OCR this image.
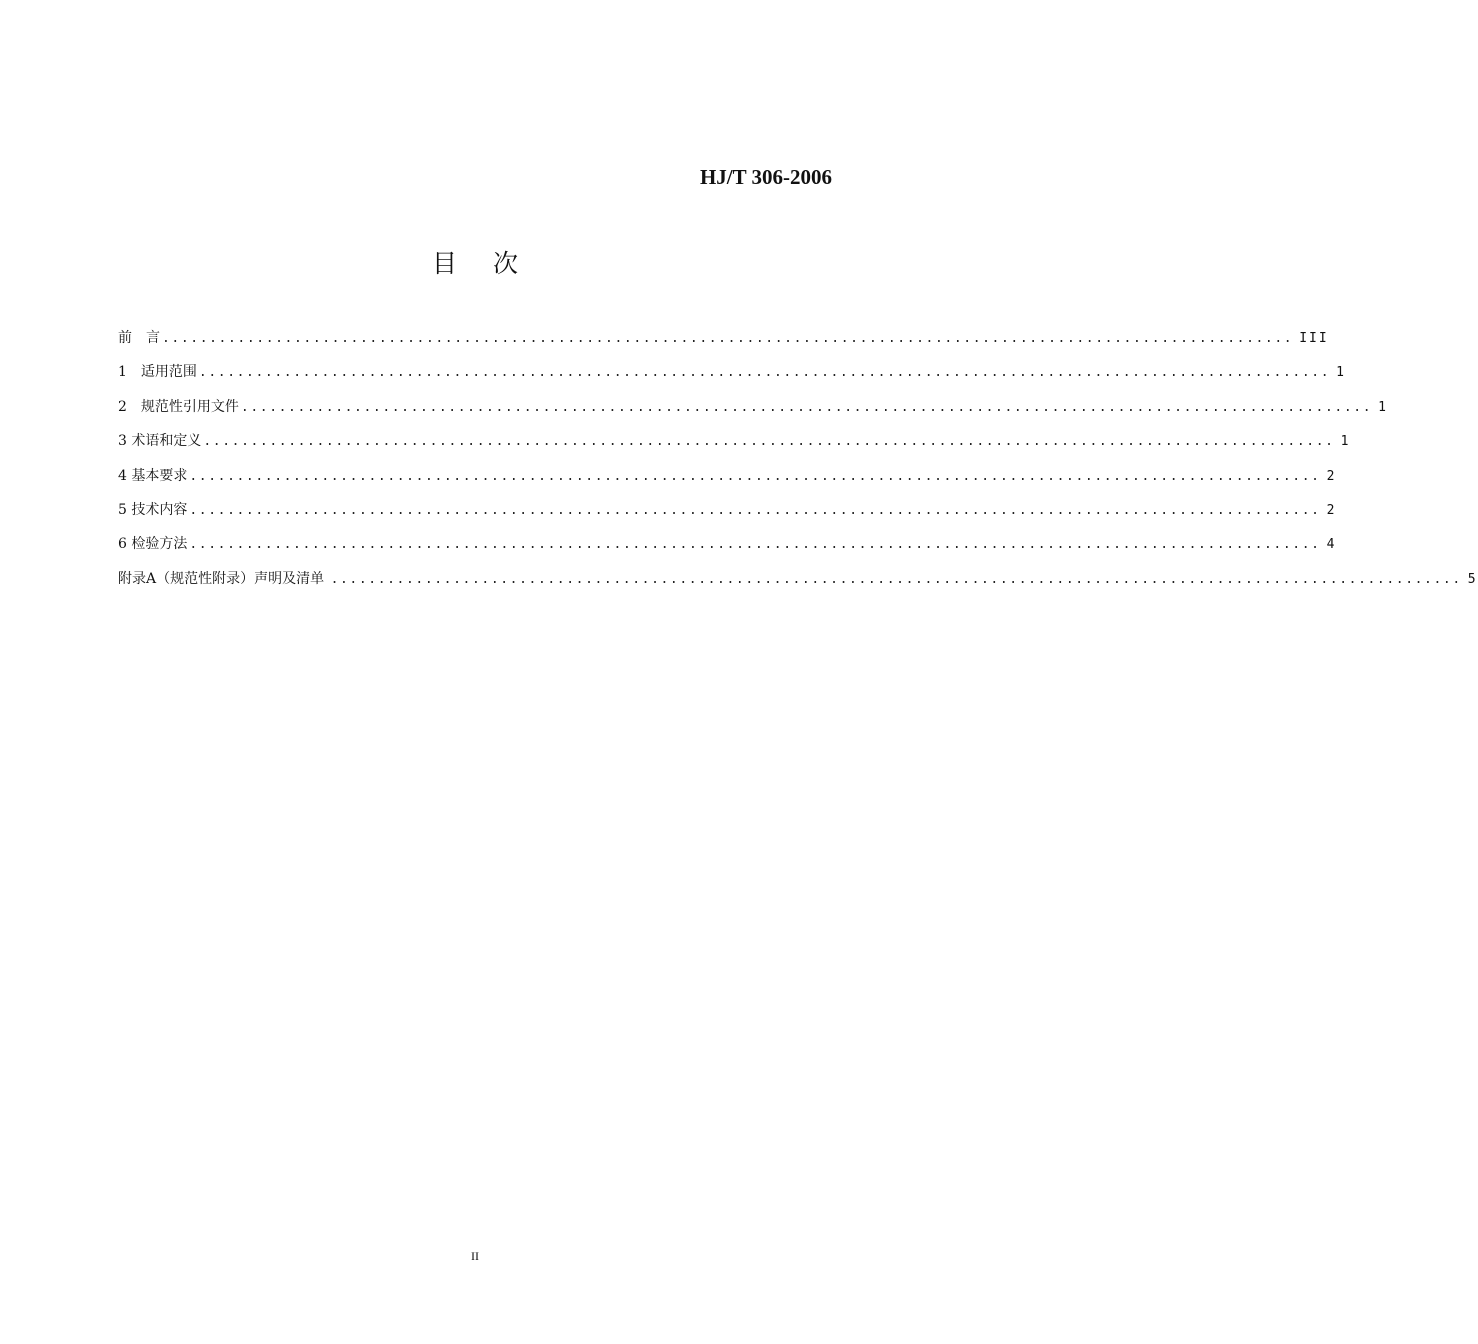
HJ/T 306-2006
目 次
前　言 ........................................................................................................................ III
1　适用范围 ........................................................................................................................ 1
2　规范性引用文件 ........................................................................................................................ 1
3 术语和定义 ........................................................................................................................ 1
4 基本要求 ........................................................................................................................ 2
5 技术内容 ........................................................................................................................ 2
6 检验方法 ........................................................................................................................ 4
附录A（规范性附录）声明及清单 ........................................................................................................................ 5
II
